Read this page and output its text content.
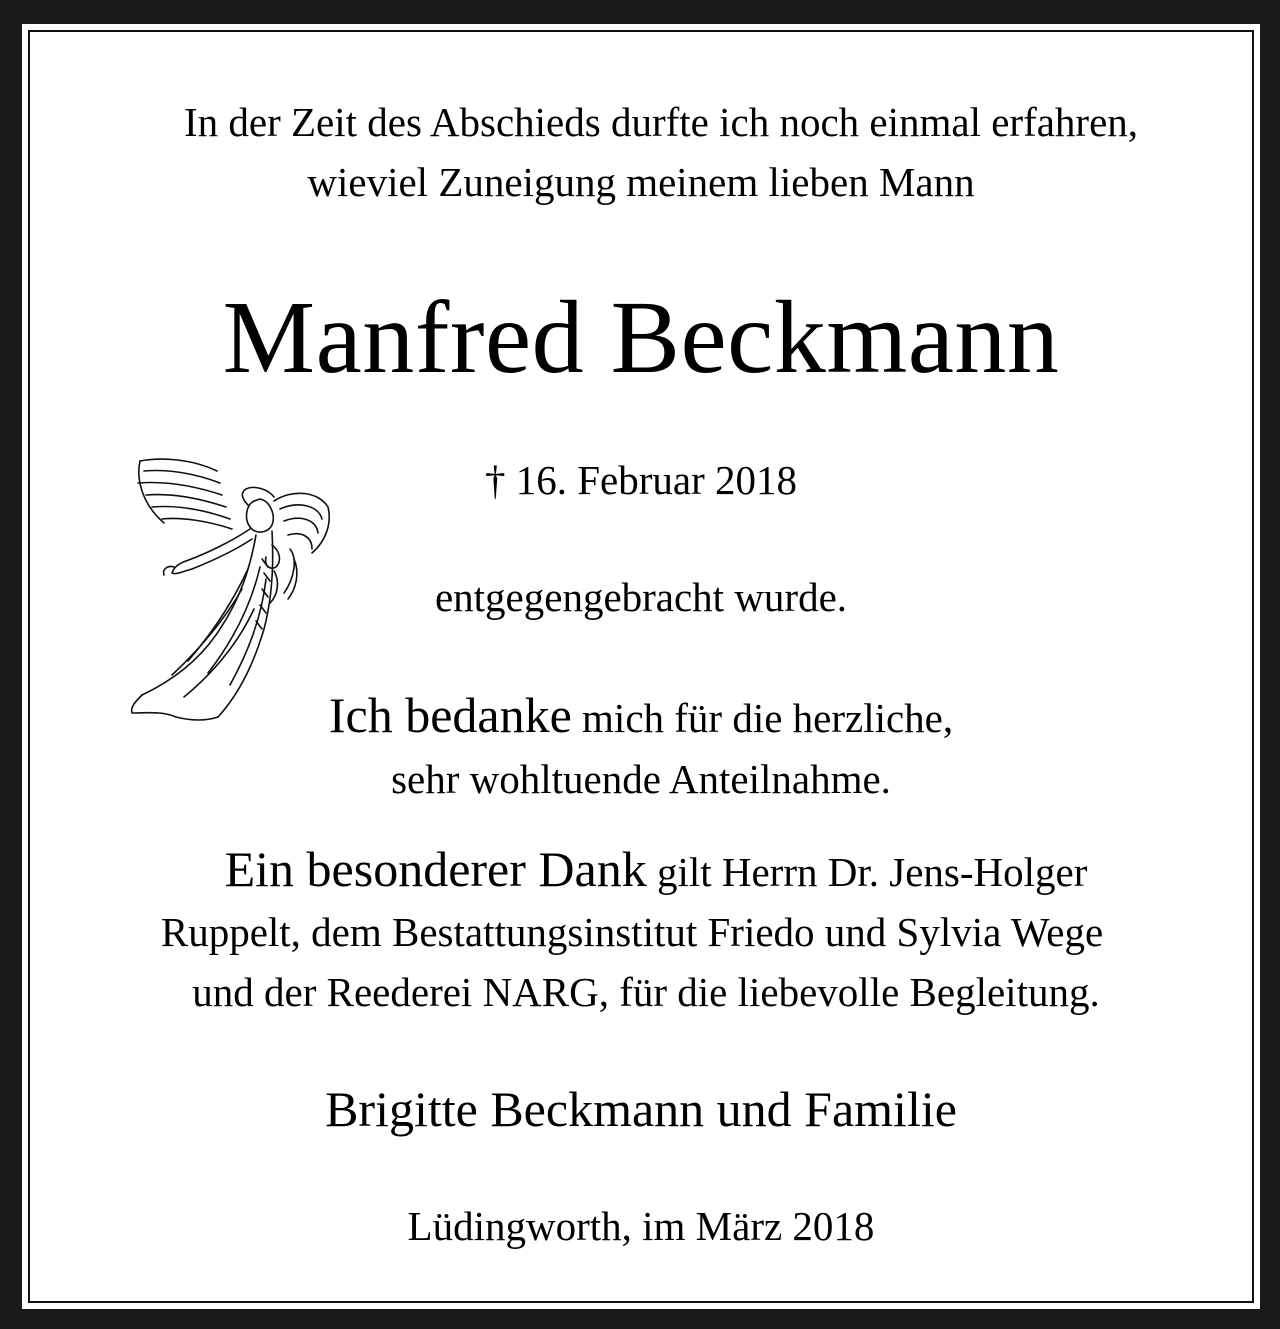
In der Zeit des Abschieds durfte ich noch einmal erfahren,
wieviel Zuneigung meinem lieben Mann
Manfred Beckmann
† 16. Februar 2018
entgegengebracht wurde.
Ich bedanke mich für die herzliche,
sehr wohltuende Anteilnahme.
Ein besonderer Dank gilt Herrn Dr. Jens-Holger
Ruppelt, dem Bestattungsinstitut Friedo und Sylvia Wege
und der Reederei NARG, für die liebevolle Begleitung.
Brigitte Beckmann und Familie
Lüdingworth, im März 2018
